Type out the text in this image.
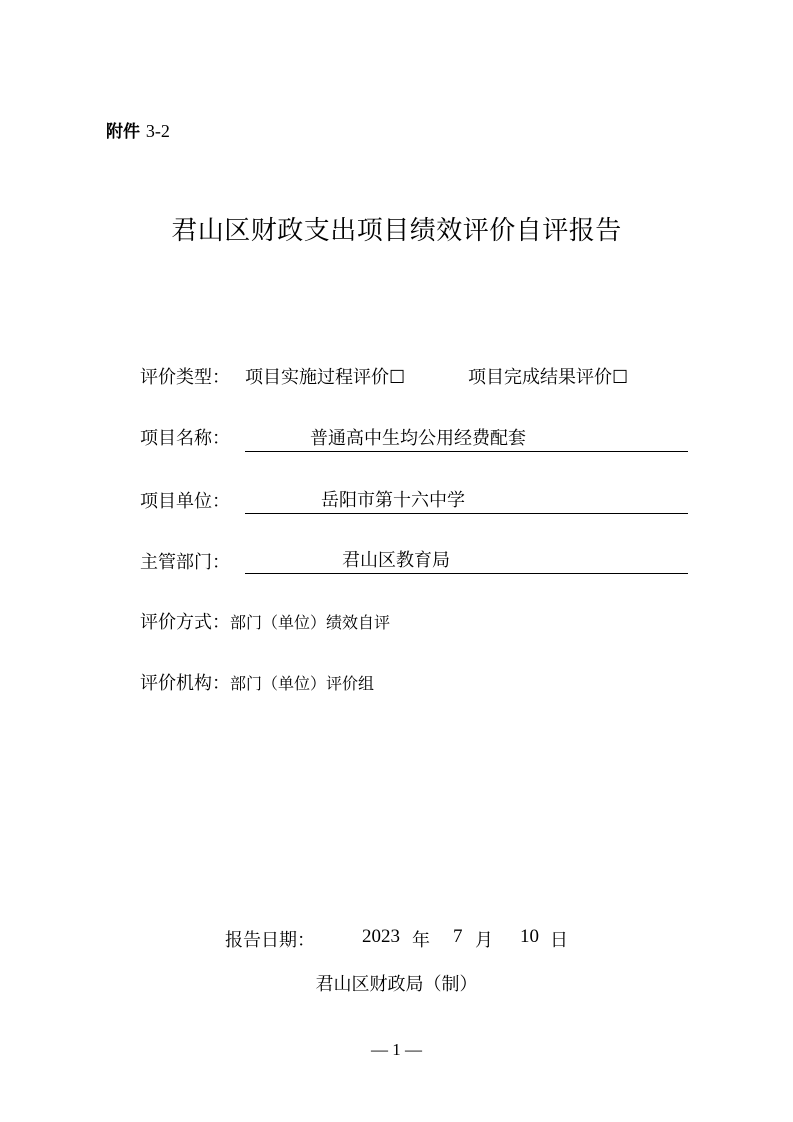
附件 3-2
君山区财政支出项目绩效评价自评报告
评价类型： 项目实施过程评价☐	项目完成结果评价☐
项目名称：	普通高中生均公用经费配套
项目单位：	岳阳市第十六中学
主管部门：	君山区教育局
评价方式：部门（单位）绩效自评
评价机构：部门（单位）评价组
报告日期： 2023 年 7 月 10 日
君山区财政局（制）
— 1 —
